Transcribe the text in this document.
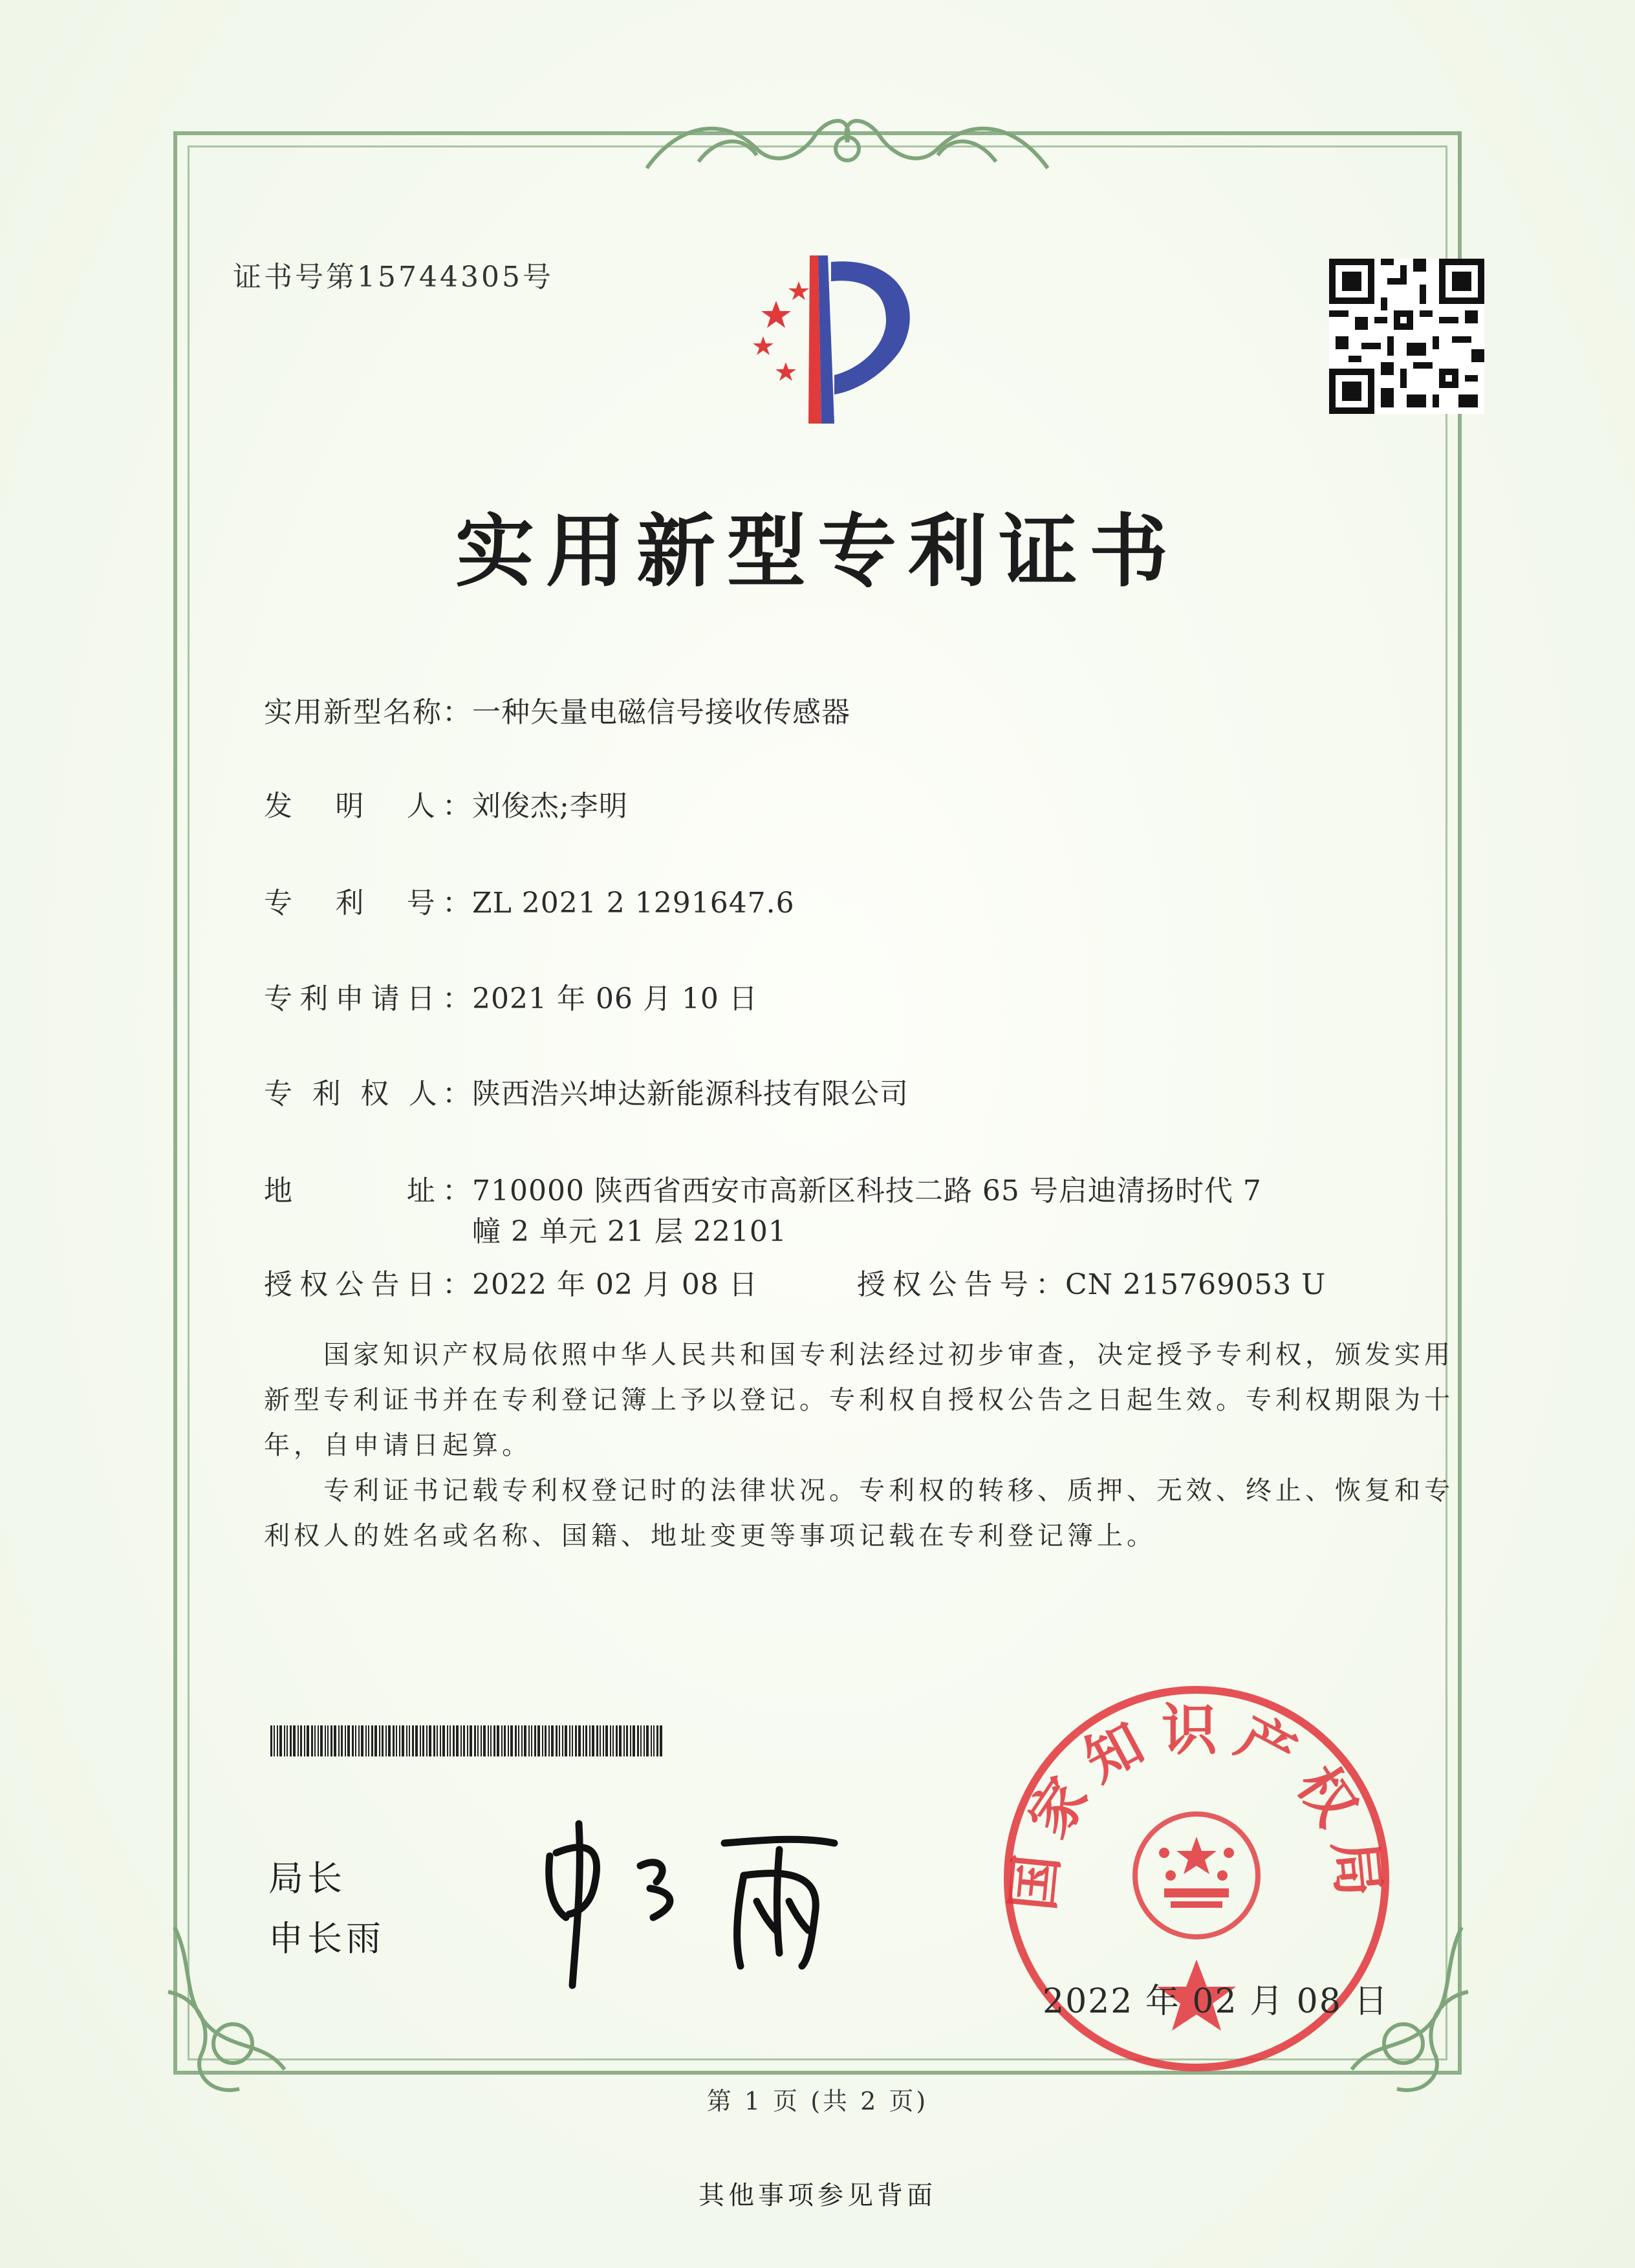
证书号第15744305号
实用新型专利证书
实用新型名称：一种矢量电磁信号接收传感器
发　明　人：刘俊杰;李明
专　利　号：ZL 2021 2 1291647.6
专利申请日：2021 年 06 月 10 日
专 利 权 人：陕西浩兴坤达新能源科技有限公司
地　　　址：710000 陕西省西安市高新区科技二路 65 号启迪清扬时代 7
幢 2 单元 21 层 22101
授权公告日：2022 年 02 月 08 日	授权公告号：CN 215769053 U
国家知识产权局依照中华人民共和国专利法经过初步审查，决定授予专利权，颁发实用
新型专利证书并在专利登记簿上予以登记。专利权自授权公告之日起生效。专利权期限为十
年，自申请日起算。
专利证书记载专利权登记时的法律状况。专利权的转移、质押、无效、终止、恢复和专
利权人的姓名或名称、国籍、地址变更等事项记载在专利登记簿上。
局长
申长雨
国家知识产权局
2022 年 02 月 08 日
第 1 页 (共 2 页)
其他事项参见背面
